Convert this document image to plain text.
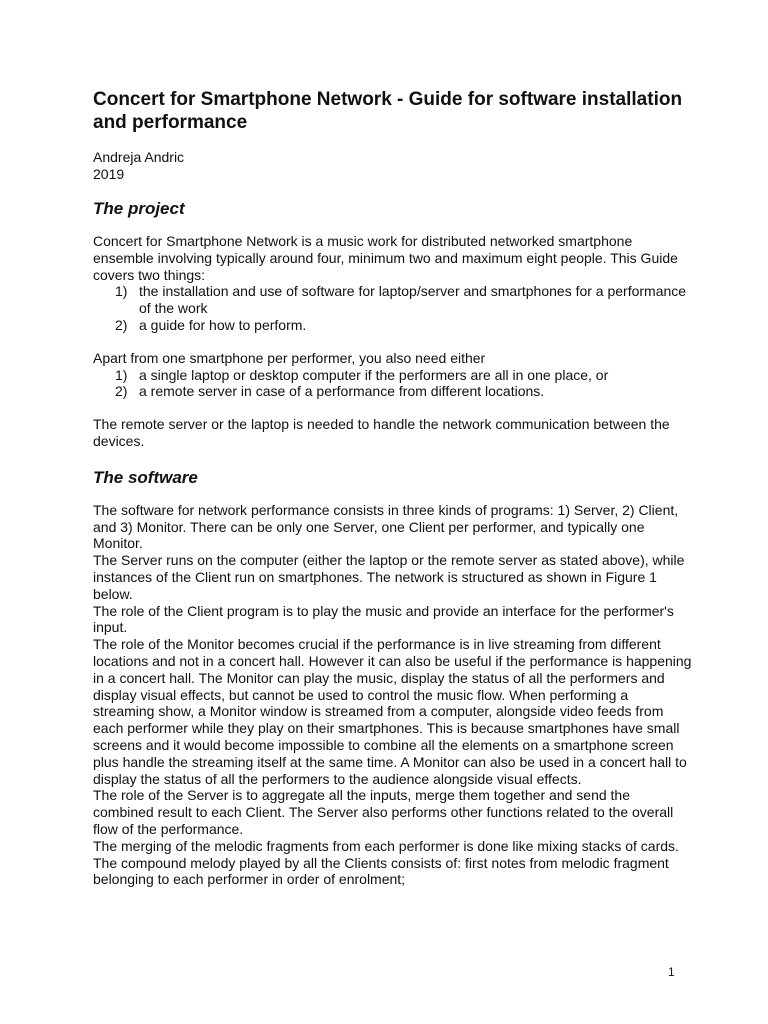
Concert for Smartphone Network - Guide for software installation and performance
Andreja Andric
2019
The project

Concert for Smartphone Network is a music work for distributed networked smartphone ensemble involving typically around four, minimum two and maximum eight people. This Guide covers two things:

1) the installation and use of software for laptop/server and smartphones for a performance of the work
2) a guide for how to perform.

Apart from one smartphone per performer, you also need either

1) a single laptop or desktop computer if the performers are all in one place, or
2) a remote server in case of a performance from different locations.

The remote server or the laptop is needed to handle the network communication between the devices.

The software

The software for network performance consists in three kinds of programs: 1) Server, 2) Client, and 3) Monitor. There can be only one Server, one Client per performer, and typically one Monitor.

The Server runs on the computer (either the laptop or the remote server as stated above), while instances of the Client run on smartphones. The network is structured as shown in Figure 1 below.

The role of the Client program is to play the music and provide an interface for the performer's input.

The role of the Monitor becomes crucial if the performance is in live streaming from different locations and not in a concert hall. However it can also be useful if the performance is happening in a concert hall. The Monitor can play the music, display the status of all the performers and display visual effects, but cannot be used to control the music flow. When performing a streaming show, a Monitor window is streamed from a computer, alongside video feeds from each performer while they play on their smartphones. This is because smartphones have small screens and it would become impossible to combine all the elements on a smartphone screen plus handle the streaming itself at the same time. A Monitor can also be used in a concert hall to display the status of all the performers to the audience alongside visual effects.

The role of the Server is to aggregate all the inputs, merge them together and send the combined result to each Client. The Server also performs other functions related to the overall flow of the performance.

The merging of the melodic fragments from each performer is done like mixing stacks of cards. The compound melody played by all the Clients consists of: first notes from melodic fragment belonging to each performer in order of enrolment;

1
